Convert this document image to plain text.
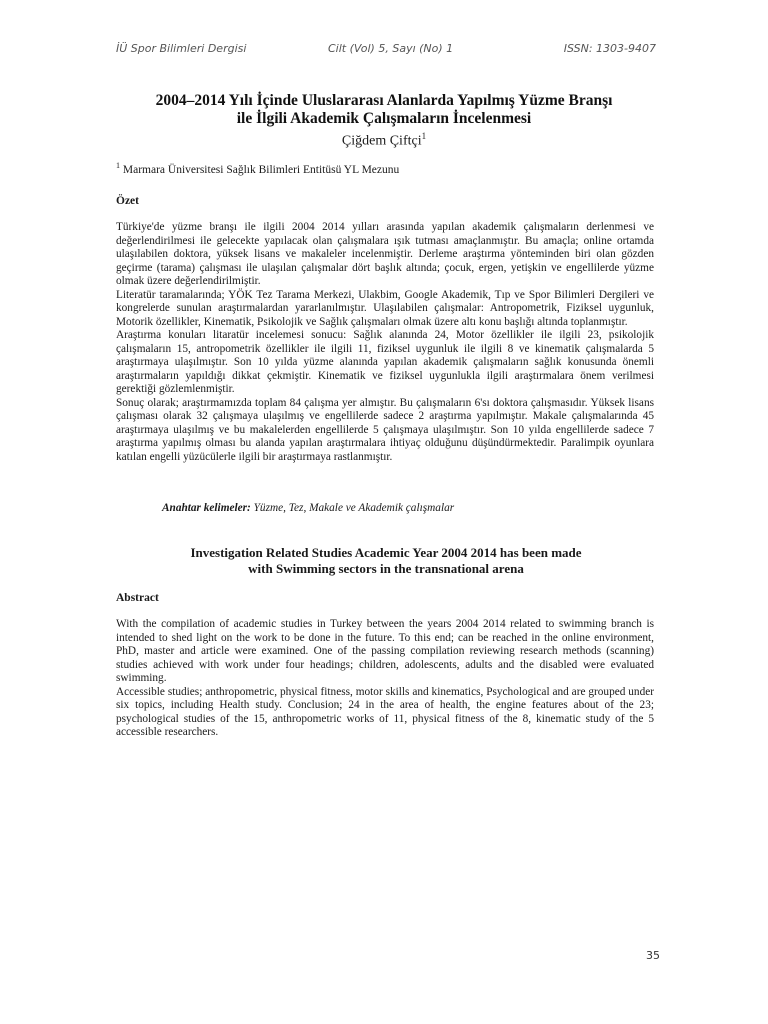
İÜ Spor Bilimleri Dergisi	Cilt (Vol) 5, Sayı (No) 1	ISSN: 1303-9407
2004–2014 Yılı İçinde Uluslararası Alanlarda Yapılmış Yüzme Branşı
ile İlgili Akademik Çalışmaların İncelenmesi
Çiğdem Çiftçi$^1$
$^1$ Marmara Üniversitesi Sağlık Bilimleri Entitüsü YL Mezunu
Özet

Türkiye'de yüzme branşı ile ilgili 2004 2014 yılları arasında yapılan akademik çalışmaların derlenmesi ve değerlendirilmesi ile gelecekte yapılacak olan çalışmalara ışık tutması amaçlanmıştır. Bu amaçla; online ortamda ulaşılabilen doktora, yüksek lisans ve makaleler incelenmiştir. Derleme araştırma yönteminden biri olan gözden geçirme (tarama) çalışması ile ulaşılan çalışmalar dört başlık altında; çocuk, ergen, yetişkin ve engellilerde yüzme olmak üzere değerlendirilmiştir.

Literatür taramalarında; YÖK Tez Tarama Merkezi, Ulakbim, Google Akademik, Tıp ve Spor Bilimleri Dergileri ve kongrelerde sunulan araştırmalardan yararlanılmıştır. Ulaşılabilen çalışmalar: Antropometrik, Fiziksel uygunluk, Motorik özellikler, Kinematik, Psikolojik ve Sağlık çalışmaları olmak üzere altı konu başlığı altında toplanmıştır.

Araştırma konuları litaratür incelemesi sonucu: Sağlık alanında 24, Motor özellikler ile ilgili 23, psikolojik çalışmaların 15, antropometrik özellikler ile ilgili 11, fiziksel uygunluk ile ilgili 8 ve kinematik çalışmalarda 5 araştırmaya ulaşılmıştır. Son 10 yılda yüzme alanında yapılan akademik çalışmaların sağlık konusunda önemli araştırmaların yapıldığı dikkat çekmiştir. Kinematik ve fiziksel uygunlukla ilgili araştırmalara önem verilmesi gerektiği gözlemlenmiştir.

Sonuç olarak; araştırmamızda toplam 84 çalışma yer almıştır. Bu çalışmaların 6'sı doktora çalışmasıdır. Yüksek lisans çalışması olarak 32 çalışmaya ulaşılmış ve engellilerde sadece 2 araştırma yapılmıştır. Makale çalışmalarında 45 araştırmaya ulaşılmış ve bu makalelerden engellilerde 5 çalışmaya ulaşılmıştır. Son 10 yılda engellilerde sadece 7 araştırma yapılmış olması bu alanda yapılan araştırmalara ihtiyaç olduğunu düşündürmektedir. Paralimpik oyunlara katılan engelli yüzücülerle ilgili bir araştırmaya rastlanmıştır.

Anahtar kelimeler: Yüzme, Tez, Makale ve Akademik çalışmalar
Investigation Related Studies Academic Year 2004 2014 has been made
with Swimming sectors in the transnational arena
Abstract

With the compilation of academic studies in Turkey between the years 2004 2014 related to swimming branch is intended to shed light on the work to be done in the future. To this end; can be reached in the online environment, PhD, master and article were examined. One of the passing compilation reviewing research methods (scanning) studies achieved with work under four headings; children, adolescents, adults and the disabled were evaluated swimming.

Accessible studies; anthropometric, physical fitness, motor skills and kinematics, Psychological and are grouped under six topics, including Health study. Conclusion; 24 in the area of health, the engine features about of the 23; psychological studies of the 15, anthropometric works of 11, physical fitness of the 8, kinematic study of the 5 accessible researchers.

35
